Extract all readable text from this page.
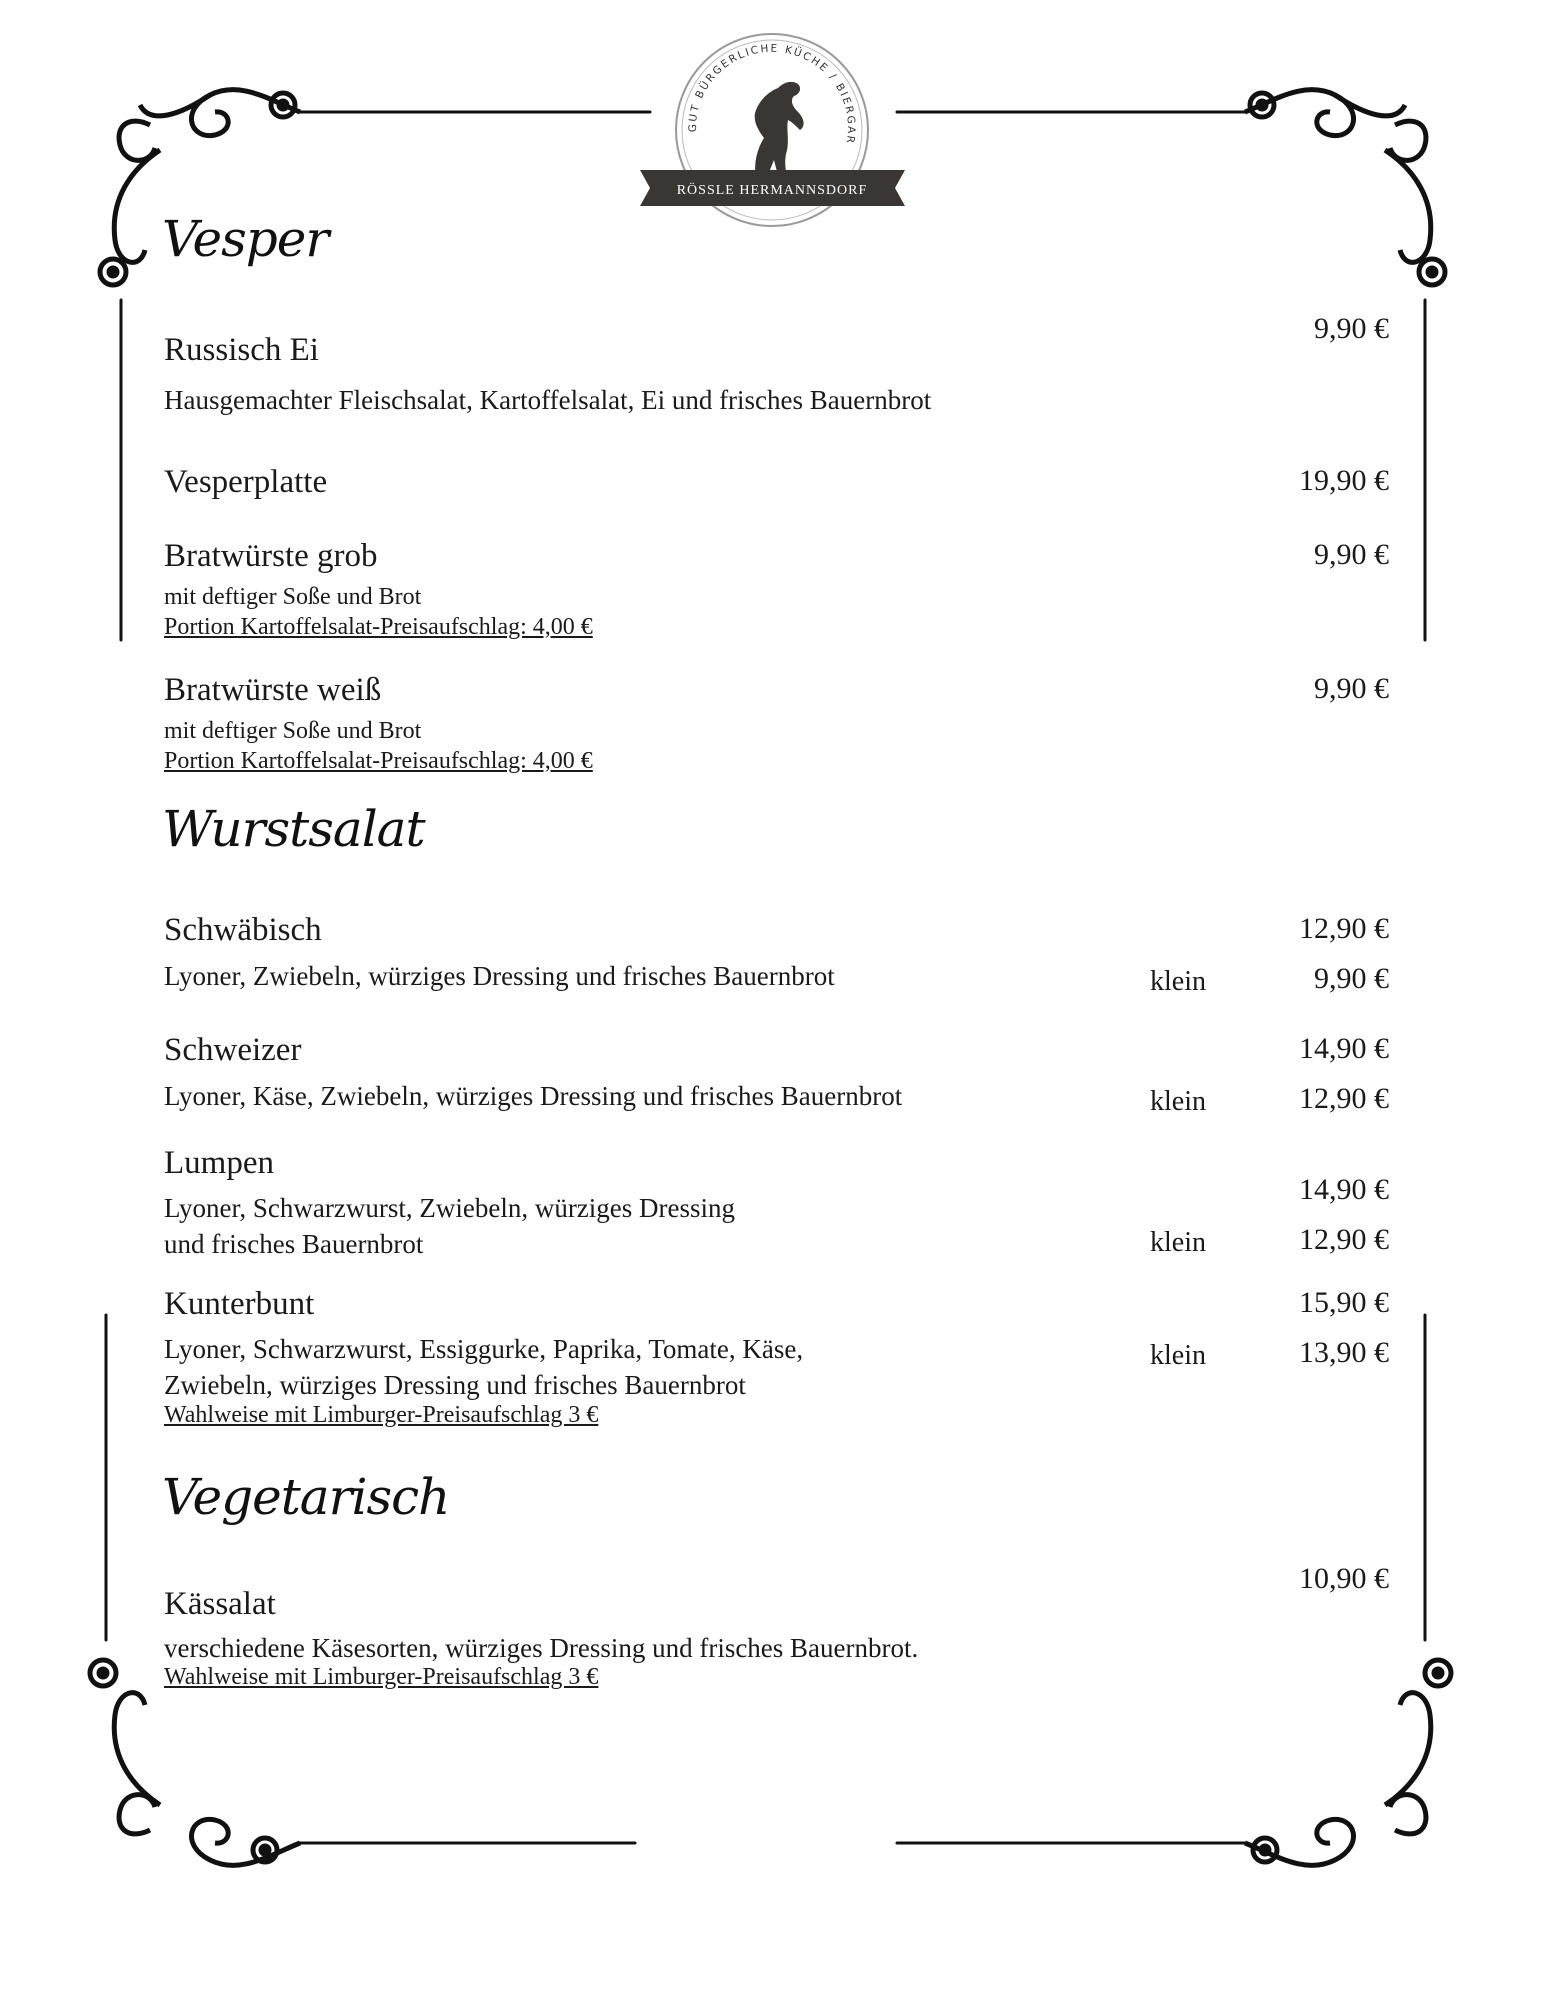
GUT BÜRGERLICHE KÜCHE / BIERGAR
RÖSSLE HERMANNSDORF
Vesper

Russisch Ei

Hausgemachter Fleischsalat, Kartoffelsalat, Ei und frisches Bauernbrot

9,90 €

Vesperplatte	19,90 €

Bratwürste grob

mit deftiger Soße und Brot

Portion Kartoffelsalat-Preisaufschlag: 4,00 €

9,90 €

Bratwürste weiß

mit deftiger Soße und Brot

Portion Kartoffelsalat-Preisaufschlag: 4,00 €

9,90 €

Wurstsalat

Schwäbisch

Lyoner, Zwiebeln, würziges Dressing und frisches Bauernbrot

12,90 €

klein	9,90 €

Schweizer

Lyoner, Käse, Zwiebeln, würziges Dressing und frisches Bauernbrot

14,90 €

klein	12,90 €

Lumpen

Lyoner, Schwarzwurst, Zwiebeln, würziges Dressing

und frisches Bauernbrot

14,90 €

klein	12,90 €

Kunterbunt

Lyoner, Schwarzwurst, Essiggurke, Paprika, Tomate, Käse,

Zwiebeln, würziges Dressing und frisches Bauernbrot

Wahlweise mit Limburger-Preisaufschlag 3 €

15,90 €

klein	13,90 €

Vegetarisch

Kässalat

verschiedene Käsesorten, würziges Dressing und frisches Bauernbrot.

Wahlweise mit Limburger-Preisaufschlag 3 €

10,90 €
